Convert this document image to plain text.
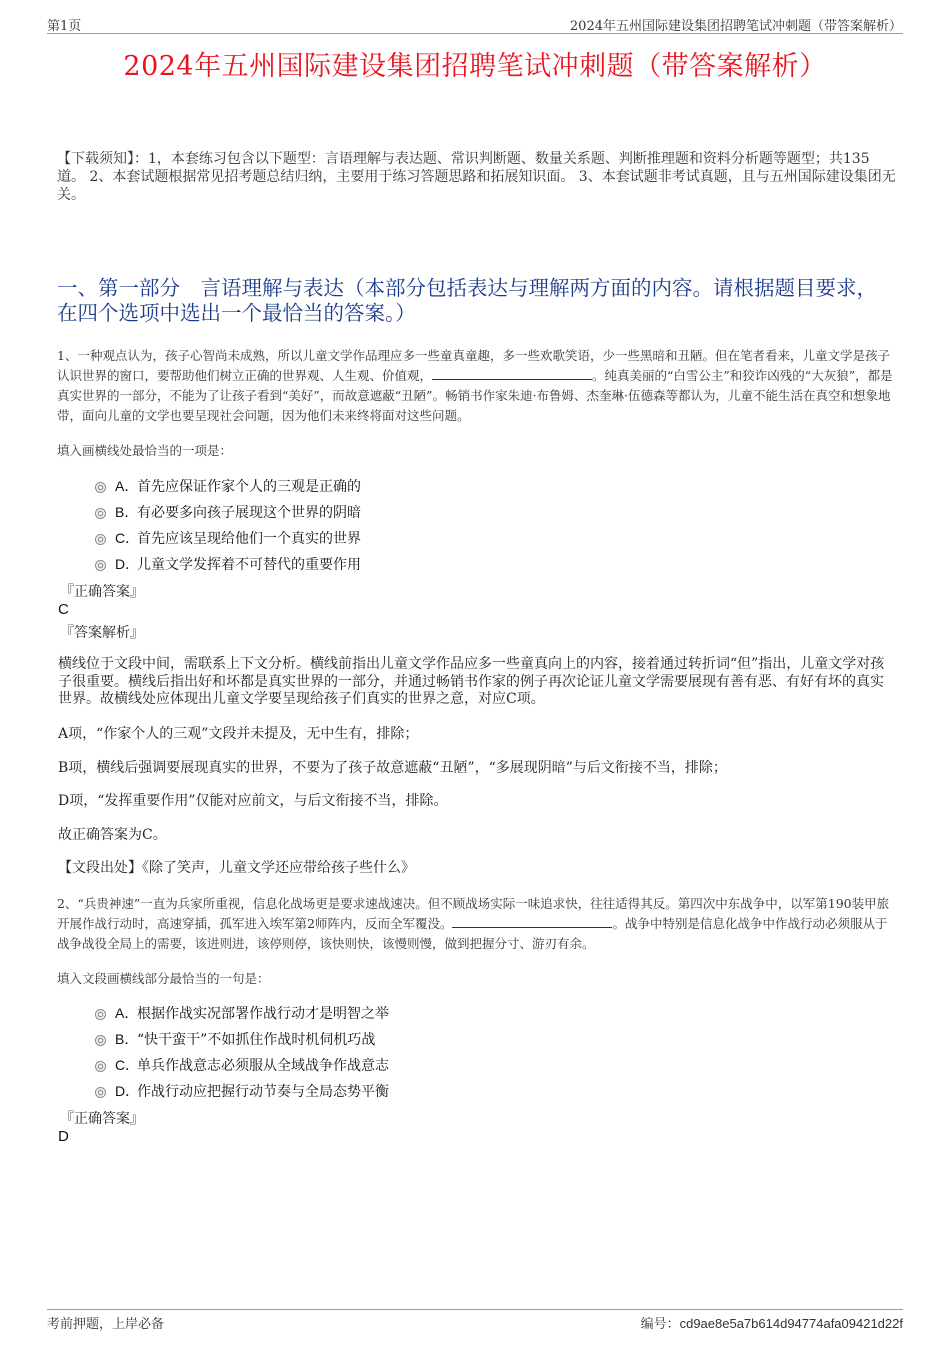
第1页	2024年五州国际建设集团招聘笔试冲刺题（带答案解析）
2024年五州国际建设集团招聘笔试冲刺题（带答案解析）
【下载须知】：1，本套练习包含以下题型：言语理解与表达题、常识判断题、数量关系题、判断推理题和资料分析题等题型；共135道。 2、本套试题根据常见招考题总结归纳，主要用于练习答题思路和拓展知识面。 3、本套试题非考试真题，且与五州国际建设集团无关。
一、第一部分　言语理解与表达（本部分包括表达与理解两方面的内容。请根据题目要求，在四个选项中选出一个最恰当的答案。）
1、一种观点认为，孩子心智尚未成熟，所以儿童文学作品理应多一些童真童趣，多一些欢歌笑语，少一些黑暗和丑陋。但在笔者看来，儿童文学是孩子认识世界的窗口，要帮助他们树立正确的世界观、人生观、价值观，	。纯真美丽的“白雪公主”和狡诈凶残的“大灰狼”，都是真实世界的一部分，不能为了让孩子看到“美好”，而故意遮蔽“丑陋”。畅销书作家朱迪·布鲁姆、杰奎琳·伍德森等都认为，儿童不能生活在真空和想象地带，面向儿童的文学也要呈现社会问题，因为他们未来终将面对这些问题。
填入画横线处最恰当的一项是：
A．
首先应保证作家个人的三观是正确的
B．
有必要多向孩子展现这个世界的阴暗
C．
首先应该呈现给他们一个真实的世界
D．
儿童文学发挥着不可替代的重要作用
『正确答案』
C
『答案解析』
横线位于文段中间，需联系上下文分析。横线前指出儿童文学作品应多一些童真向上的内容，接着通过转折词“但”指出，儿童文学对孩子很重要。横线后指出好和坏都是真实世界的一部分，并通过畅销书作家的例子再次论证儿童文学需要展现有善有恶、有好有坏的真实世界。故横线处应体现出儿童文学要呈现给孩子们真实的世界之意，对应C项。
A项，“作家个人的三观”文段并未提及，无中生有，排除；
B项，横线后强调要展现真实的世界，不要为了孩子故意遮蔽“丑陋”，“多展现阴暗”与后文衔接不当，排除；
D项，“发挥重要作用”仅能对应前文，与后文衔接不当，排除。
故正确答案为C。
【文段出处】《除了笑声，儿童文学还应带给孩子些什么》
2、“兵贵神速”一直为兵家所重视，信息化战场更是要求速战速决。但不顾战场实际一味追求快，往往适得其反。第四次中东战争中，以军第190装甲旅开展作战行动时，高速穿插，孤军进入埃军第2师阵内，反而全军覆没。	。战争中特别是信息化战争中作战行动必须服从于战争战役全局上的需要，该进则进，该停则停，该快则快，该慢则慢，做到把握分寸、游刃有余。
填入文段画横线部分最恰当的一句是：
A．
根据作战实况部署作战行动才是明智之举
B．
“快干蛮干”不如抓住作战时机伺机巧战
C．
单兵作战意志必须服从全域战争作战意志
D．
作战行动应把握行动节奏与全局态势平衡
『正确答案』
D
考前押题，上岸必备	编号：cd9ae8e5a7b614d94774afa09421d22f
